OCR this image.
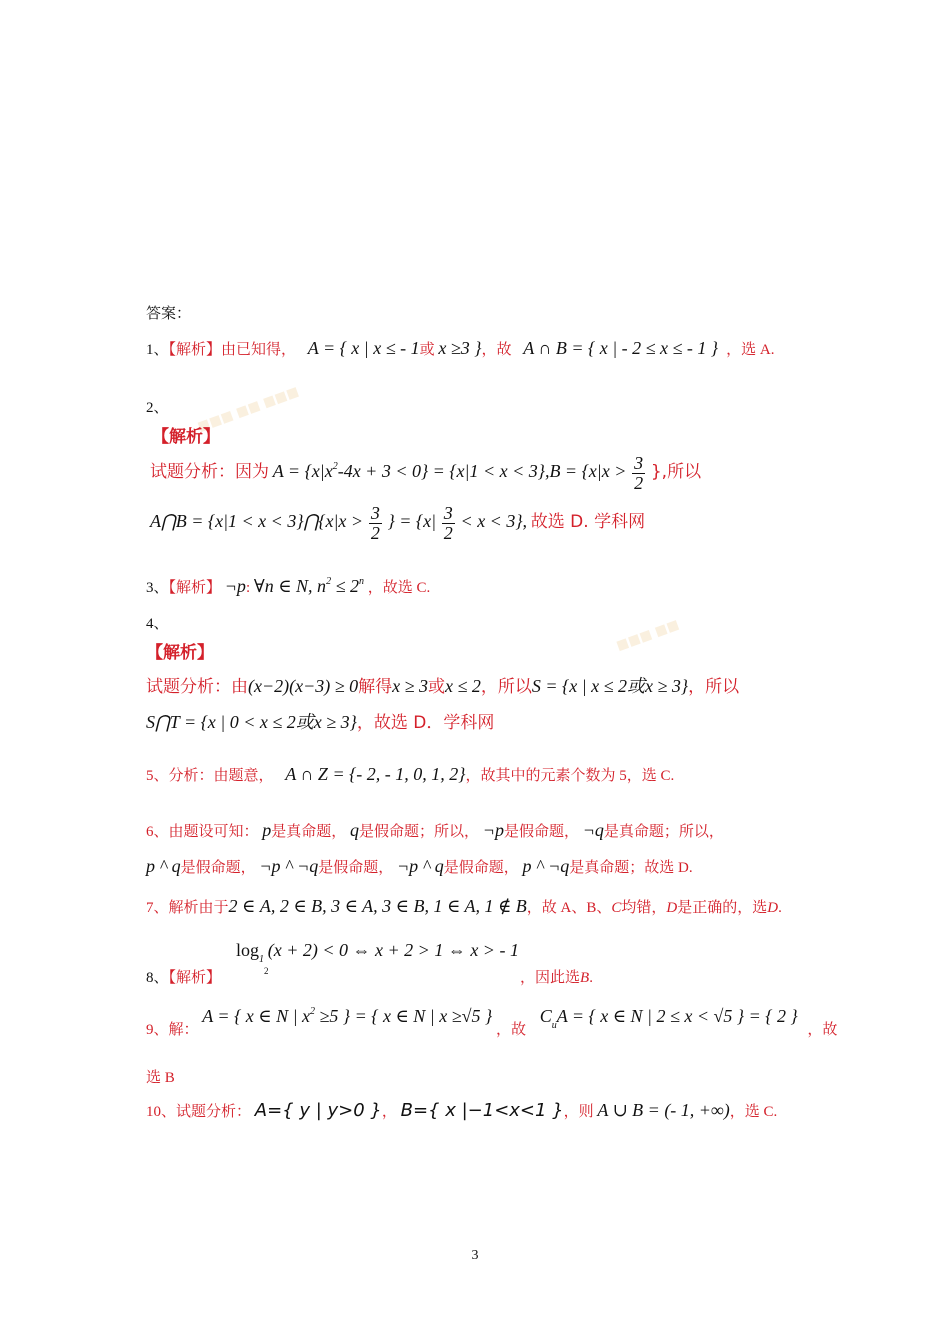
■■■ ■■ ■■■
■■■ ■■
答案：
1、【解析】由已知得， A = { x | x ≤ - 1或 x ≥3 }，故 A ∩ B = { x | - 2 ≤ x ≤ - 1 } ，选 A.
2、
【解析】
试题分析：因为 $A = \{x|x^2-4x + 3 < 0\} = \{x|1 < x < 3\},B = \{x|x > \frac{3}{2}$ },所以
A⋂B = {x|1 < x < 3}⋂{x|x > $\frac{3}{2}$ } = $\{x| \frac{3}{2} < x < 3\}$, 故选 D. 学科网
3、【解析】 ¬p: ∀n ∈ N, $n^2 \le 2^n$ ，故选 C.
4、
【解析】
试题分析：由(x−2)(x−3) ≥ 0解得x ≥ 3或x ≤ 2，所以S = {x | x ≤ 2或x ≥ 3}，所以
S⋂T = {x | 0 < x ≤ 2或x ≥ 3}，故选 D．学科网
5、分析：由题意， A ∩ Z = {- 2, - 1, 0, 1, 2}，故其中的元素个数为 5，选 C.
6、由题设可知： p是真命题， q是假命题；所以， ¬p是假命题， ¬q是真命题；所以，
p ^ q是假命题， ¬p ^ ¬q是假命题， ¬p ^ q是假命题， p ^ ¬q是真命题；故选 D.
7、解析由于2 ∈ A, 2 ∈ B, 3 ∈ A, 3 ∈ B, 1 ∈ A, 1 ∉ B，故 A、B、C均错，D是正确的，选D.
$\log_1 (x + 2) < 0$ ⇔ x + 2 > 1 ⇔ x > - 1
2
8、【解析】	，因此选B.
9、解： A = { x ∈ N | $x^2 \ge 5$ } = { x ∈ N | x ≥√5 } ，故 $C_uA$ = { x ∈ N | 2 ≤ x < √5 } = { 2 } ，故
选 B
10、试题分析： A={ y | y>0 }， B={ x |−1<x<1 }，则 A ∪ B = (- 1, +∞)，选 C.
3
